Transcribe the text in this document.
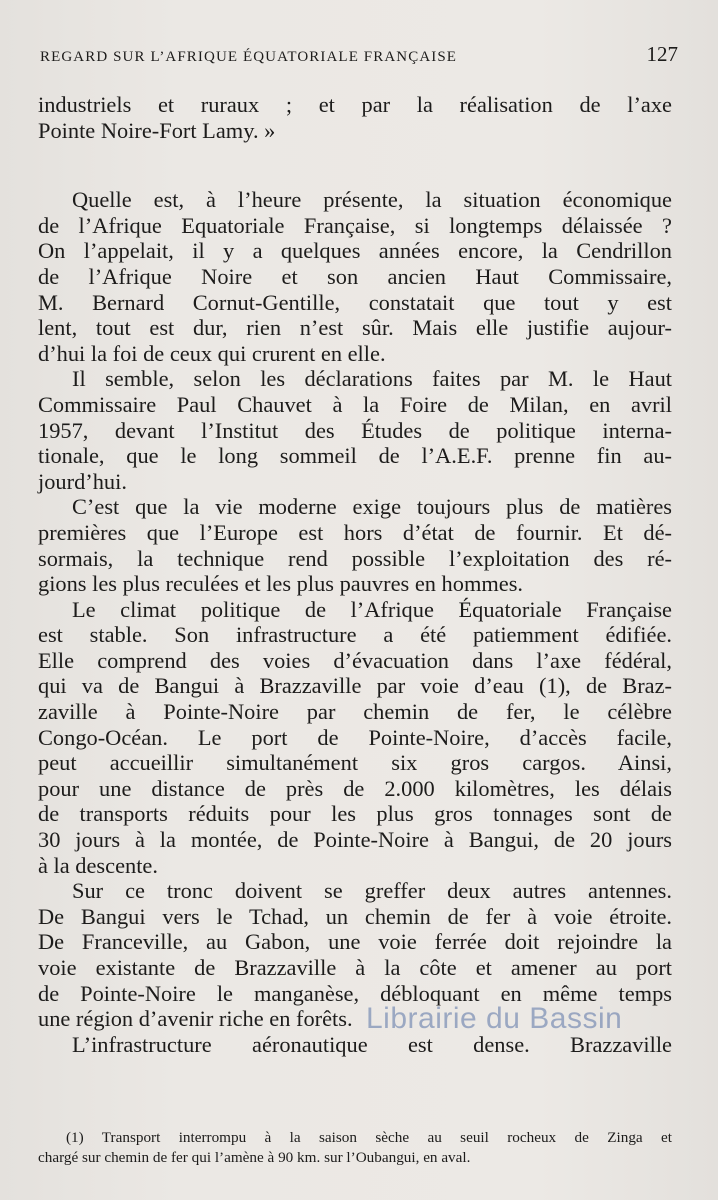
REGARD SUR L’AFRIQUE ÉQUATORIALE FRANÇAISE	127
industriels et ruraux ; et par la réalisation de l’axe
Pointe Noire-Fort Lamy. »
Quelle est, à l’heure présente, la situation économique
de l’Afrique Equatoriale Française, si longtemps délaissée ?
On l’appelait, il y a quelques années encore, la Cendrillon
de l’Afrique Noire et son ancien Haut Commissaire,
M. Bernard Cornut-Gentille, constatait que tout y est
lent, tout est dur, rien n’est sûr. Mais elle justifie aujour-
d’hui la foi de ceux qui crurent en elle.
Il semble, selon les déclarations faites par M. le Haut
Commissaire Paul Chauvet à la Foire de Milan, en avril
1957, devant l’Institut des Études de politique interna-
tionale, que le long sommeil de l’A.E.F. prenne fin au-
jourd’hui.
C’est que la vie moderne exige toujours plus de matières
premières que l’Europe est hors d’état de fournir. Et dé-
sormais, la technique rend possible l’exploitation des ré-
gions les plus reculées et les plus pauvres en hommes.
Le climat politique de l’Afrique Équatoriale Française
est stable. Son infrastructure a été patiemment édifiée.
Elle comprend des voies d’évacuation dans l’axe fédéral,
qui va de Bangui à Brazzaville par voie d’eau (1), de Braz-
zaville à Pointe-Noire par chemin de fer, le célèbre
Congo-Océan. Le port de Pointe-Noire, d’accès facile,
peut accueillir simultanément six gros cargos. Ainsi,
pour une distance de près de 2.000 kilomètres, les délais
de transports réduits pour les plus gros tonnages sont de
30 jours à la montée, de Pointe-Noire à Bangui, de 20 jours
à la descente.
Sur ce tronc doivent se greffer deux autres antennes.
De Bangui vers le Tchad, un chemin de fer à voie étroite.
De Franceville, au Gabon, une voie ferrée doit rejoindre la
voie existante de Brazzaville à la côte et amener au port
de Pointe-Noire le manganèse, débloquant en même temps
une région d’avenir riche en forêts.
L’infrastructure aéronautique est dense. Brazzaville
Librairie du Bassin
(1) Transport interrompu à la saison sèche au seuil rocheux de Zinga et
chargé sur chemin de fer qui l’amène à 90 km. sur l’Oubangui, en aval.
